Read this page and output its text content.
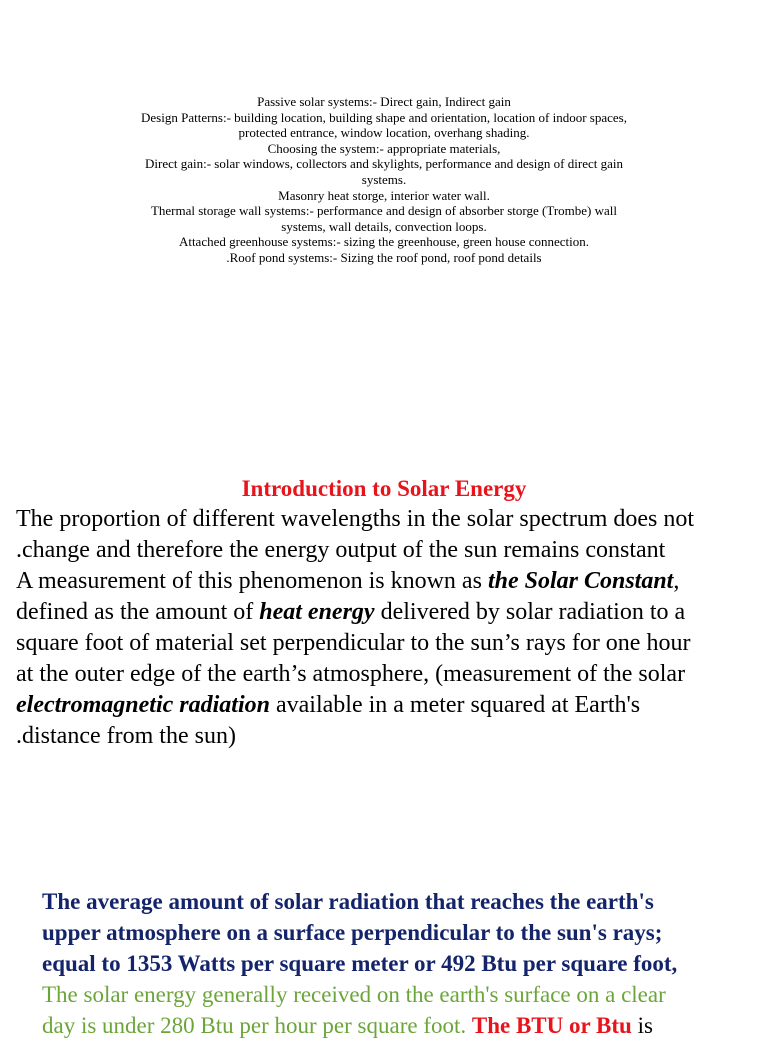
Passive solar systems:- Direct gain, Indirect gain
Design Patterns:- building location, building shape and orientation, location of indoor spaces,
protected entrance, window location, overhang shading.
Choosing the system:- appropriate materials,
Direct gain:- solar windows, collectors and skylights, performance and design of direct gain
systems.
Masonry heat storge, interior water wall.
Thermal storage wall systems:- performance and design of absorber storge (Trombe) wall
systems, wall details, convection loops.
Attached greenhouse systems:- sizing the greenhouse, green house connection.
.Roof pond systems:- Sizing the roof pond, roof pond details
Introduction to Solar Energy
The proportion of different wavelengths in the solar spectrum does not
.change and therefore the energy output of the sun remains constant
A measurement of this phenomenon is known as the Solar Constant,
defined as the amount of heat energy delivered by solar radiation to a
square foot of material set perpendicular to the sun’s rays for one hour
at the outer edge of the earth’s atmosphere, (measurement of the solar
electromagnetic radiation available in a meter squared at Earth's
.distance from the sun)
The average amount of solar radiation that reaches the earth's
upper atmosphere on a surface perpendicular to the sun's rays;
equal to 1353 Watts per square meter or 492 Btu per square foot,
The solar energy generally received on the earth's surface on a clear
day is under 280 Btu per hour per square foot. The BTU or Btu is
